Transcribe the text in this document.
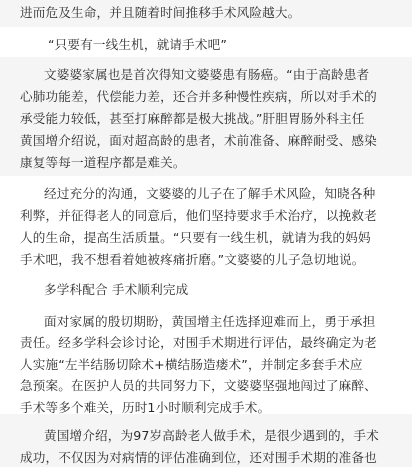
进而危及生命，并且随着时间推移手术风险越大。
“只要有一线生机，就请手术吧”
文婆婆家属也是首次得知文婆婆患有肠癌。“由于高龄患者
心肺功能差，代偿能力差，还合并多种慢性疾病，所以对手术的
承受能力较低，甚至打麻醉都是极大挑战。”肝胆胃肠外科主任
黄国增介绍说，面对超高龄的患者，术前准备、麻醉耐受、感染
康复等每一道程序都是难关。
经过充分的沟通，文婆婆的儿子在了解手术风险，知晓各种
利弊，并征得老人的同意后，他们坚持要求手术治疗，以挽救老
人的生命，提高生活质量。“只要有一线生机，就请为我的妈妈
手术吧，我不想看着她被疼痛折磨。”文婆婆的儿子急切地说。
多学科配合 手术顺利完成
面对家属的殷切期盼，黄国增主任选择迎难而上，勇于承担
责任。经多学科会诊讨论，对围手术期进行评估，最终确定为老
人实施“左半结肠切除术+横结肠造瘘术”，并制定多套手术应
急预案。在医护人员的共同努力下，文婆婆坚强地闯过了麻醉、
手术等多个难关，历时1小时顺利完成手术。
黄国增介绍，为97岁高龄老人做手术，是很少遇到的，手术
成功，不仅因为对病情的评估准确到位，还对围手术期的准备也
